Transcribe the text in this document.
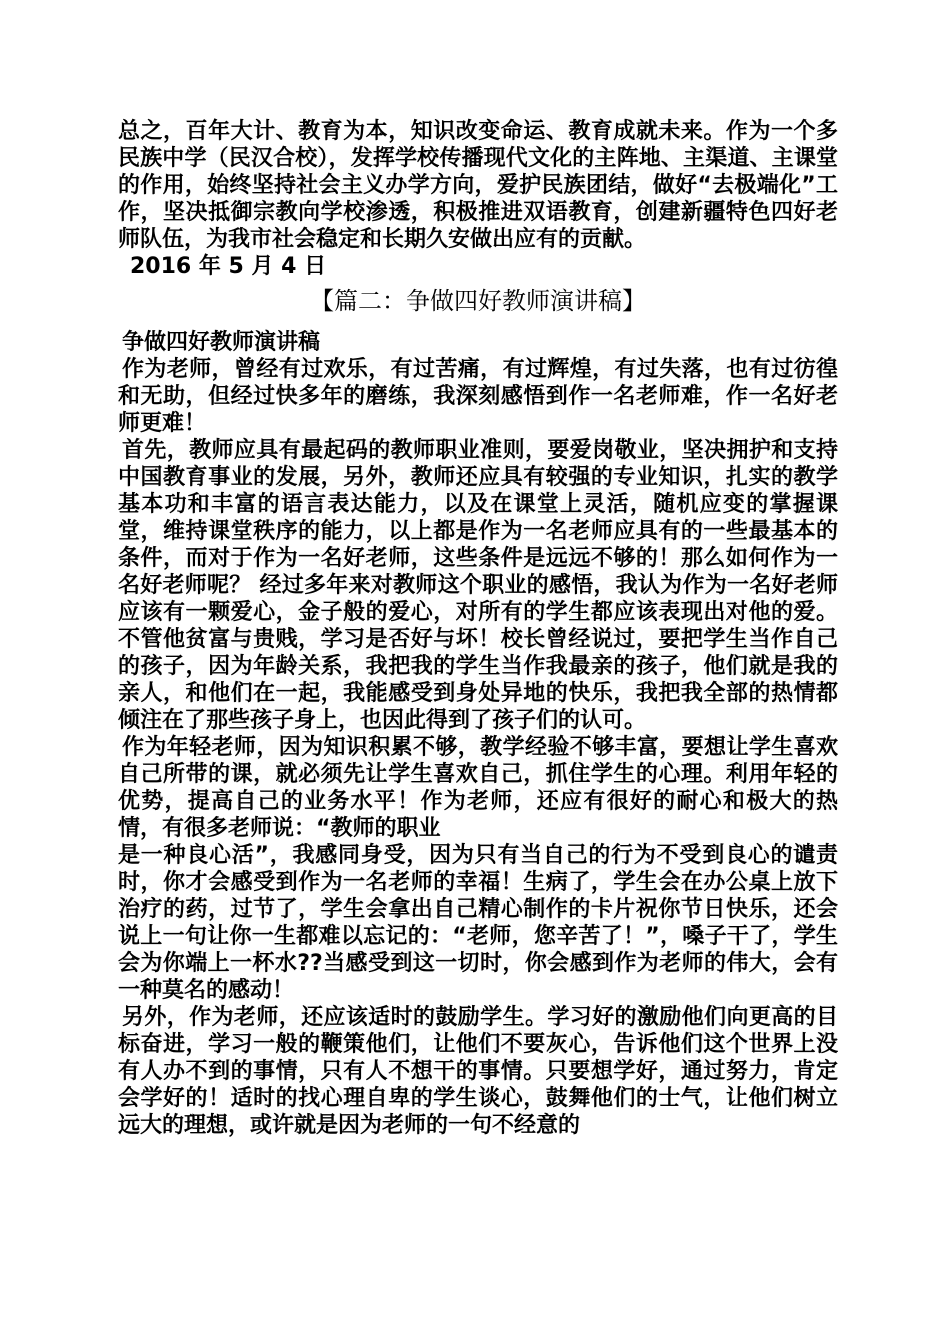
总之，百年大计、教育为本，知识改变命运、教育成就未来。作为一个多民族中学（民汉合校），发挥学校传播现代文化的主阵地、主渠道、主课堂的作用，始终坚持社会主义办学方向，爱护民族团结，做好“去极端化”工作，坚决抵御宗教向学校渗透，积极推进双语教育，创建新疆特色四好老师队伍，为我市社会稳定和长期久安做出应有的贡献。

2016 年 5 月 4 日

【篇二：争做四好教师演讲稿】

争做四好教师演讲稿

作为老师，曾经有过欢乐，有过苦痛，有过辉煌，有过失落，也有过彷徨和无助，但经过快多年的磨练，我深刻感悟到作一名老师难，作一名好老师更难！

首先，教师应具有最起码的教师职业准则，要爱岗敬业，坚决拥护和支持中国教育事业的发展，另外，教师还应具有较强的专业知识，扎实的教学基本功和丰富的语言表达能力，以及在课堂上灵活，随机应变的掌握课堂，维持课堂秩序的能力，以上都是作为一名老师应具有的一些最基本的条件，而对于作为一名好老师，这些条件是远远不够的！那么如何作为一名好老师呢？ 经过多年来对教师这个职业的感悟，我认为作为一名好老师应该有一颗爱心，金子般的爱心，对所有的学生都应该表现出对他的爱。不管他贫富与贵贱，学习是否好与坏！校长曾经说过，要把学生当作自己的孩子，因为年龄关系，我把我的学生当作我最亲的孩子，他们就是我的亲人，和他们在一起，我能感受到身处异地的快乐，我把我全部的热情都倾注在了那些孩子身上，也因此得到了孩子们的认可。

作为年轻老师，因为知识积累不够，教学经验不够丰富，要想让学生喜欢自己所带的课，就必须先让学生喜欢自己，抓住学生的心理。利用年轻的优势，提高自己的业务水平！作为老师，还应有很好的耐心和极大的热情，有很多老师说：“教师的职业

是一种良心活”，我感同身受，因为只有当自己的行为不受到良心的谴责时，你才会感受到作为一名老师的幸福！生病了，学生会在办公桌上放下治疗的药，过节了，学生会拿出自己精心制作的卡片祝你节日快乐，还会说上一句让你一生都难以忘记的：“老师，您辛苦了！”，嗓子干了，学生会为你端上一杯水??当感受到这一切时，你会感到作为老师的伟大，会有一种莫名的感动！

另外，作为老师，还应该适时的鼓励学生。学习好的激励他们向更高的目标奋进，学习一般的鞭策他们，让他们不要灰心，告诉他们这个世界上没有人办不到的事情，只有人不想干的事情。只要想学好，通过努力，肯定会学好的！适时的找心理自卑的学生谈心，鼓舞他们的士气，让他们树立远大的理想，或许就是因为老师的一句不经意的
